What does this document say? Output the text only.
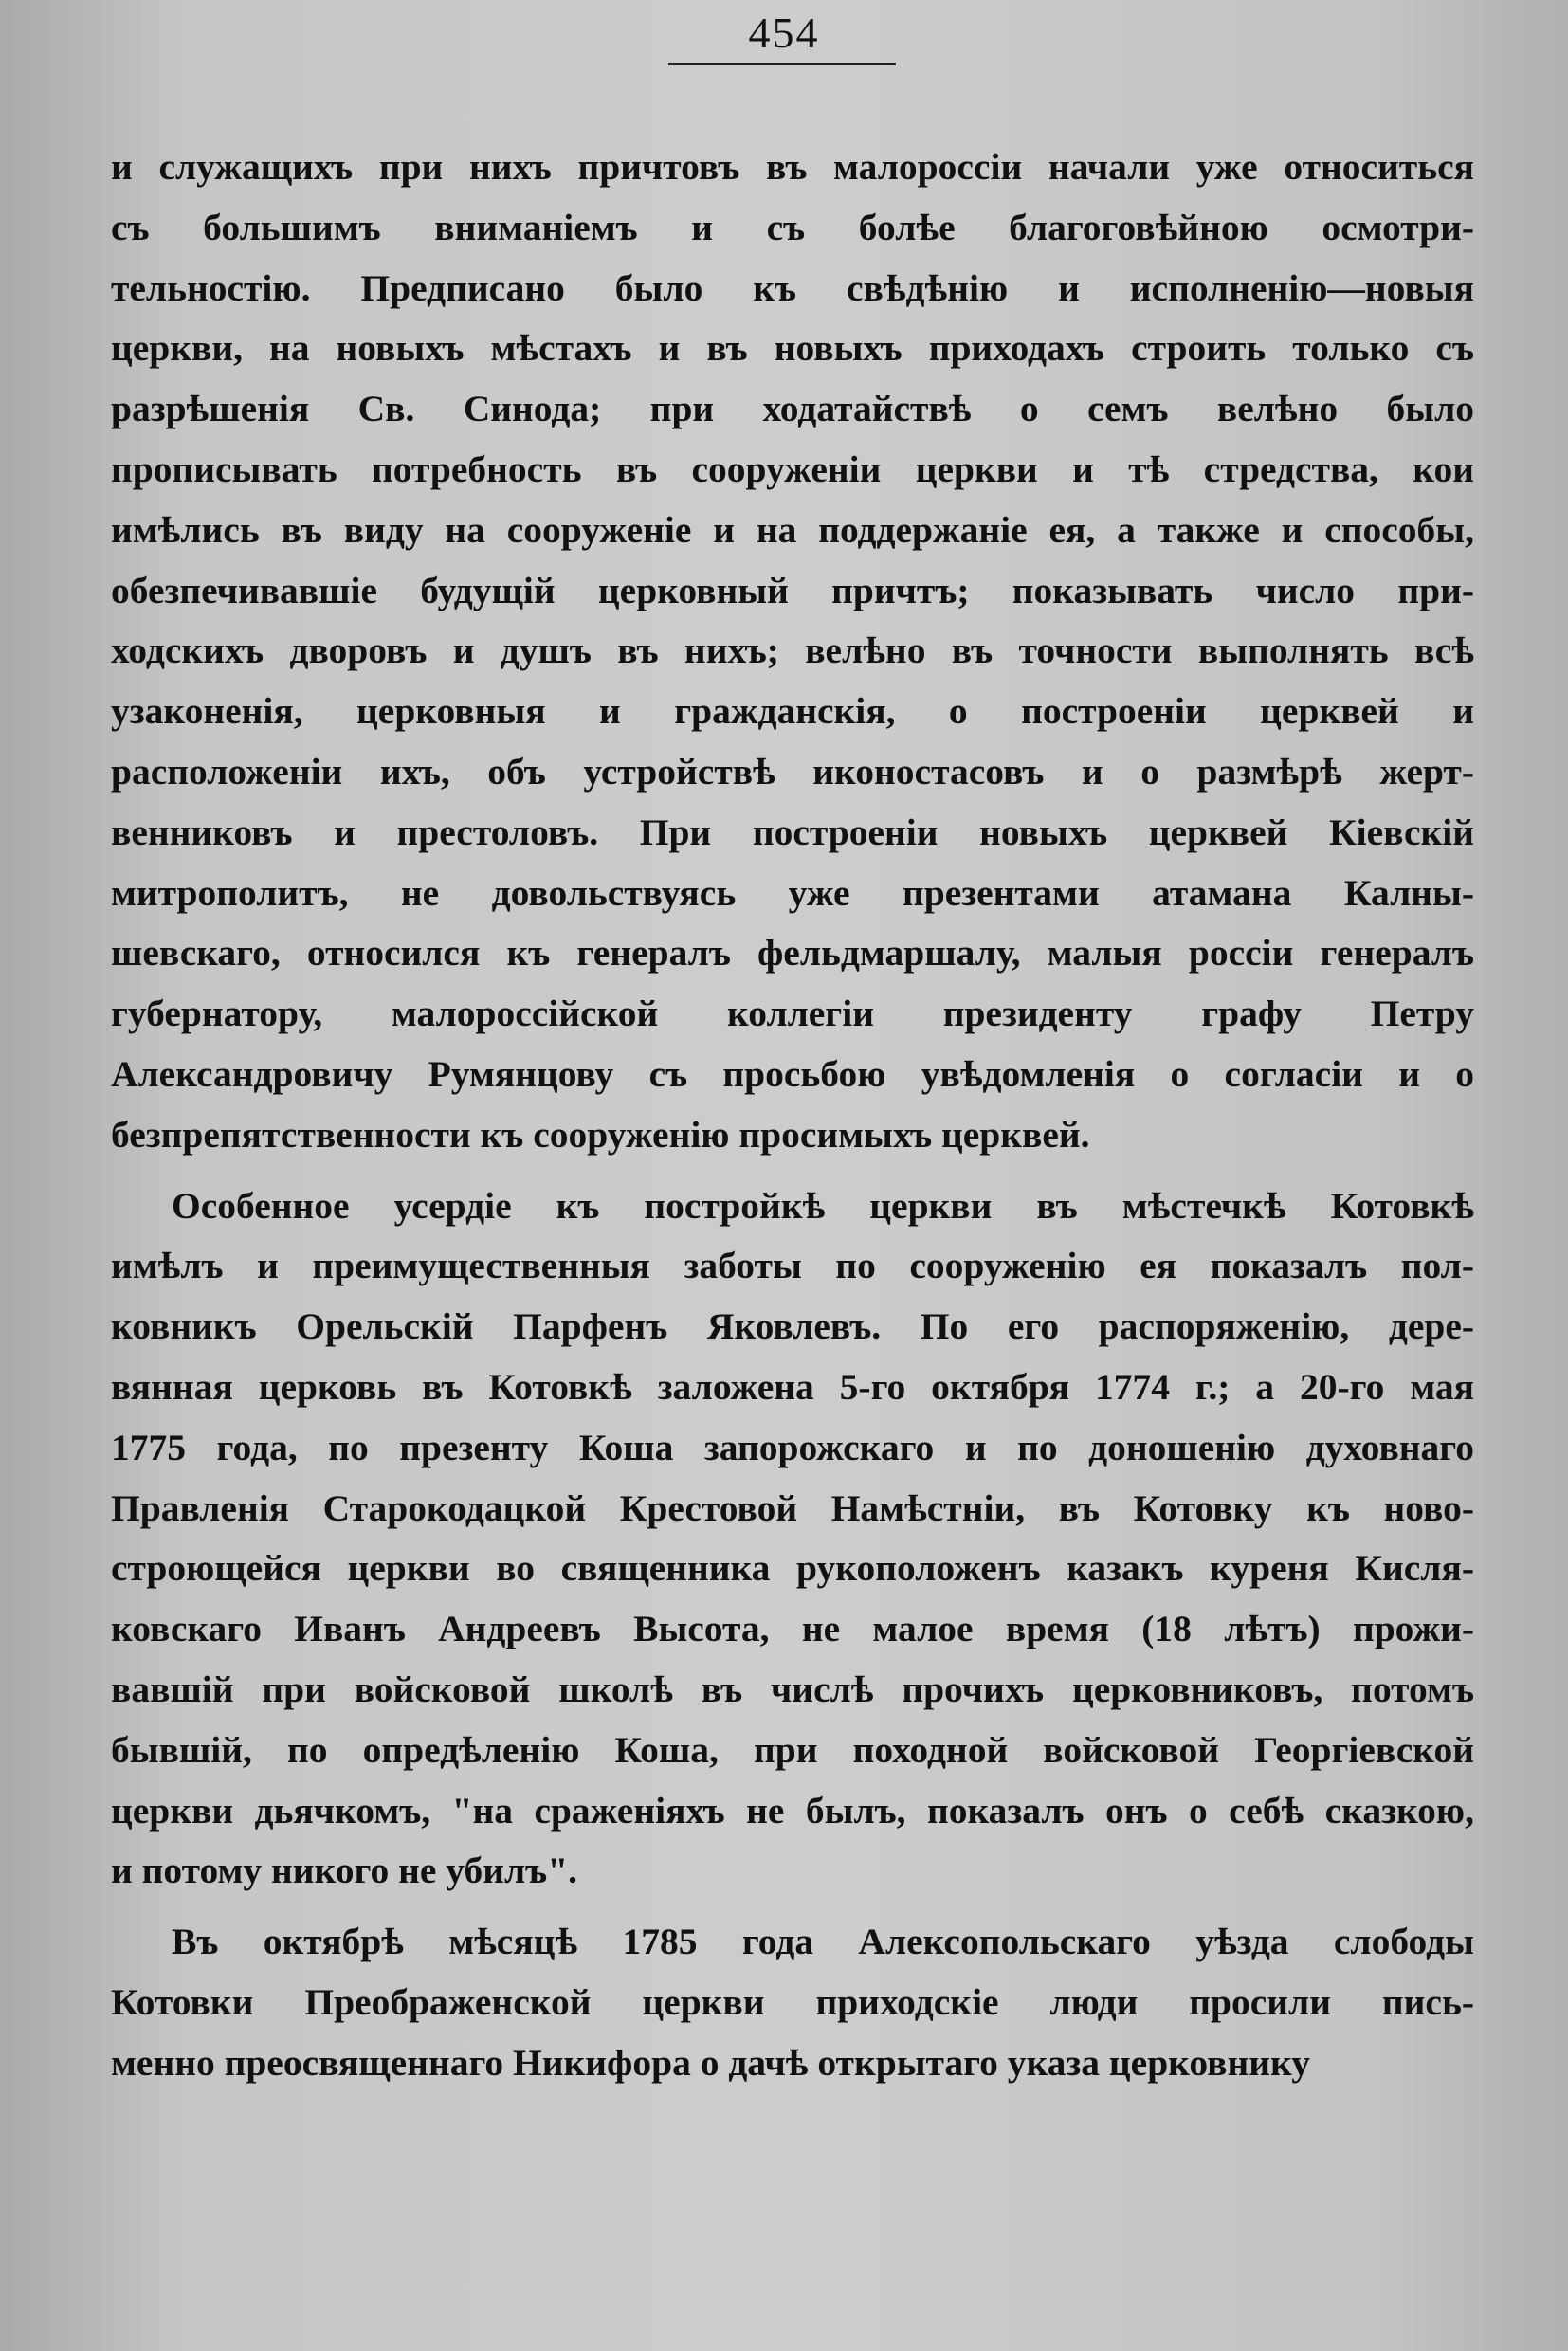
454
и служащихъ при нихъ причтовъ въ малороссіи начали уже относиться
съ большимъ вниманіемъ и съ болѣе благоговѣйною осмотри-
тельностію. Предписано было къ свѣдѣнію и исполненію—новыя
церкви, на новыхъ мѣстахъ и въ новыхъ приходахъ строить только съ
разрѣшенія Св. Синода; при ходатайствѣ о семъ велѣно было
прописывать потребность въ сооруженіи церкви и тѣ стредства, кои
имѣлись въ виду на сооруженіе и на поддержаніе ея, а также и способы,
обезпечивавшіе будущій церковный причтъ; показывать число при-
ходскихъ дворовъ и душъ въ нихъ; велѣно въ точности выполнять всѣ
узаконенія, церковныя и гражданскія, о построеніи церквей и
расположеніи ихъ, объ устройствѣ иконостасовъ и о размѣрѣ жерт-
венниковъ и престоловъ. При построеніи новыхъ церквей Кіевскій
митрополитъ, не довольствуясь уже презентами атамана Калны-
шевскаго, относился къ генералъ фельдмаршалу, малыя россіи генералъ
губернатору, малороссійской коллегіи президенту графу Петру
Александровичу Румянцову съ просьбою увѣдомленія о согласіи и о
безпрепятственности къ сооруженію просимыхъ церквей.
Особенное усердіе къ постройкѣ церкви въ мѣстечкѣ Котовкѣ
имѣлъ и преимущественныя заботы по сооруженію ея показалъ пол-
ковникъ Орельскій Парфенъ Яковлевъ. По его распоряженію, дере-
вянная церковь въ Котовкѣ заложена 5-го октября 1774 г.; а 20-го мая
1775 года, по презенту Коша запорожскаго и по доношенію духовнаго
Правленія Старокодацкой Крестовой Намѣстніи, въ Котовку къ ново-
строющейся церкви во священника рукоположенъ казакъ куреня Кисля-
ковскаго Иванъ Андреевъ Высота, не малое время (18 лѣтъ) прожи-
вавшій при войсковой школѣ въ числѣ прочихъ церковниковъ, потомъ
бывшій, по опредѣленію Коша, при походной войсковой Георгіевской
церкви дьячкомъ, "на сраженіяхъ не былъ, показалъ онъ о себѣ сказкою,
и потому никого не убилъ".
Въ октябрѣ мѣсяцѣ 1785 года Алексопольскаго уѣзда слободы
Котовки Преображенской церкви приходскіе люди просили пись-
менно преосвященнаго Никифора о дачѣ открытаго указа церковнику
